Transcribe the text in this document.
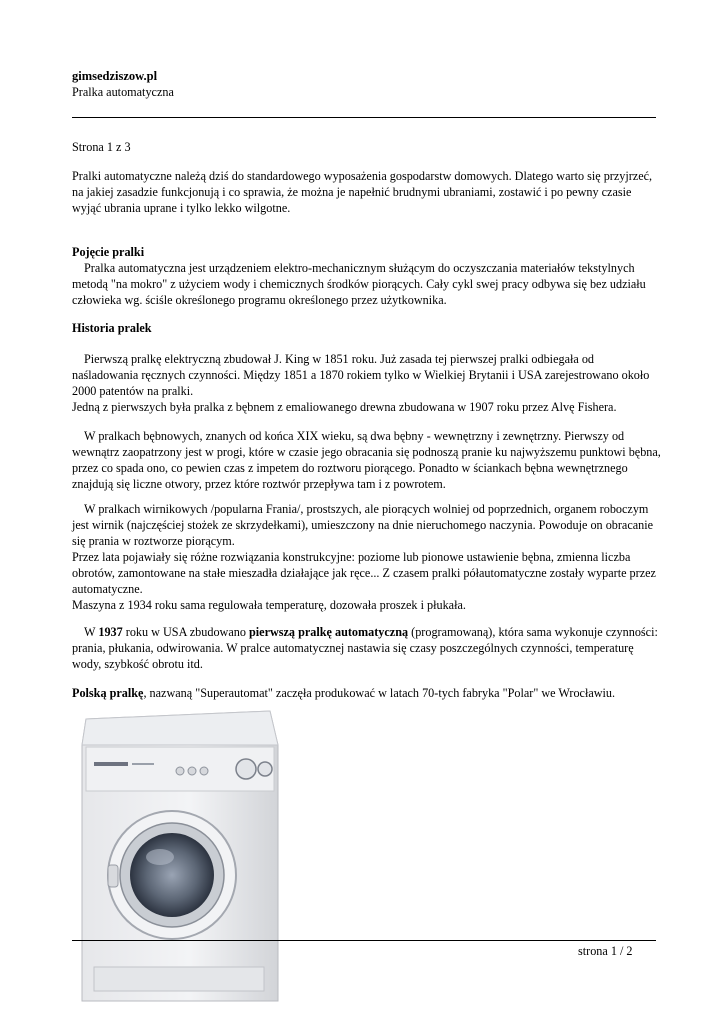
gimsedziszow.pl
Pralka automatyczna
Strona 1 z 3

Pralki automatyczne należą dziś do standardowego wyposażenia gospodarstw domowych. Dlatego warto się przyjrzeć, na jakiej zasadzie funkcjonują i co sprawia, że można je napełnić brudnymi ubraniami, zostawić i po pewny czasie wyjąć ubrania uprane i tylko lekko wilgotne.

Pojęcie pralki

Pralka automatyczna jest urządzeniem elektro-mechanicznym służącym do oczyszczania materiałów tekstylnych metodą "na mokro" z użyciem wody i chemicznych środków piorących. Cały cykl swej pracy odbywa się bez udziału człowieka wg. ściśle określonego programu określonego przez użytkownika.

Historia pralek

Pierwszą pralkę elektryczną zbudował J. King w 1851 roku. Już zasada tej pierwszej pralki odbiegała od naśladowania ręcznych czynności. Między 1851 a 1870 rokiem tylko w Wielkiej Brytanii i USA zarejestrowano około 2000 patentów na pralki.

Jedną z pierwszych była pralka z bębnem z emaliowanego drewna zbudowana w 1907 roku przez Alvę Fishera.

W pralkach bębnowych, znanych od końca XIX wieku, są dwa bębny - wewnętrzny i zewnętrzny. Pierwszy od wewnątrz zaopatrzony jest w progi, które w czasie jego obracania się podnoszą pranie ku najwyższemu punktowi bębna, przez co spada ono, co pewien czas z impetem do roztworu piorącego. Ponadto w ściankach bębna wewnętrznego znajdują się liczne otwory, przez które roztwór przepływa tam i z powrotem.

W pralkach wirnikowych /popularna Frania/, prostszych, ale piorących wolniej od poprzednich, organem roboczym jest wirnik (najczęściej stożek ze skrzydełkami), umieszczony na dnie nieruchomego naczynia. Powoduje on obracanie się prania w roztworze piorącym.

Przez lata pojawiały się różne rozwiązania konstrukcyjne: poziome lub pionowe ustawienie bębna, zmienna liczba obrotów, zamontowane na stałe mieszadła działające jak ręce... Z czasem pralki półautomatyczne zostały wyparte przez automatyczne.

Maszyna z 1934 roku sama regulowała temperaturę, dozowała proszek i płukała.

W 1937 roku w USA zbudowano pierwszą pralkę automatyczną (programowaną), która sama wykonuje czynności: prania, płukania, odwirowania. W pralce automatycznej nastawia się czasy poszczególnych czynności, temperaturę wody, szybkość obrotu itd.

Polską pralkę, nazwaną "Superautomat" zaczęła produkować w latach 70-tych fabryka "Polar" we Wrocławiu.

strona 1 / 2
